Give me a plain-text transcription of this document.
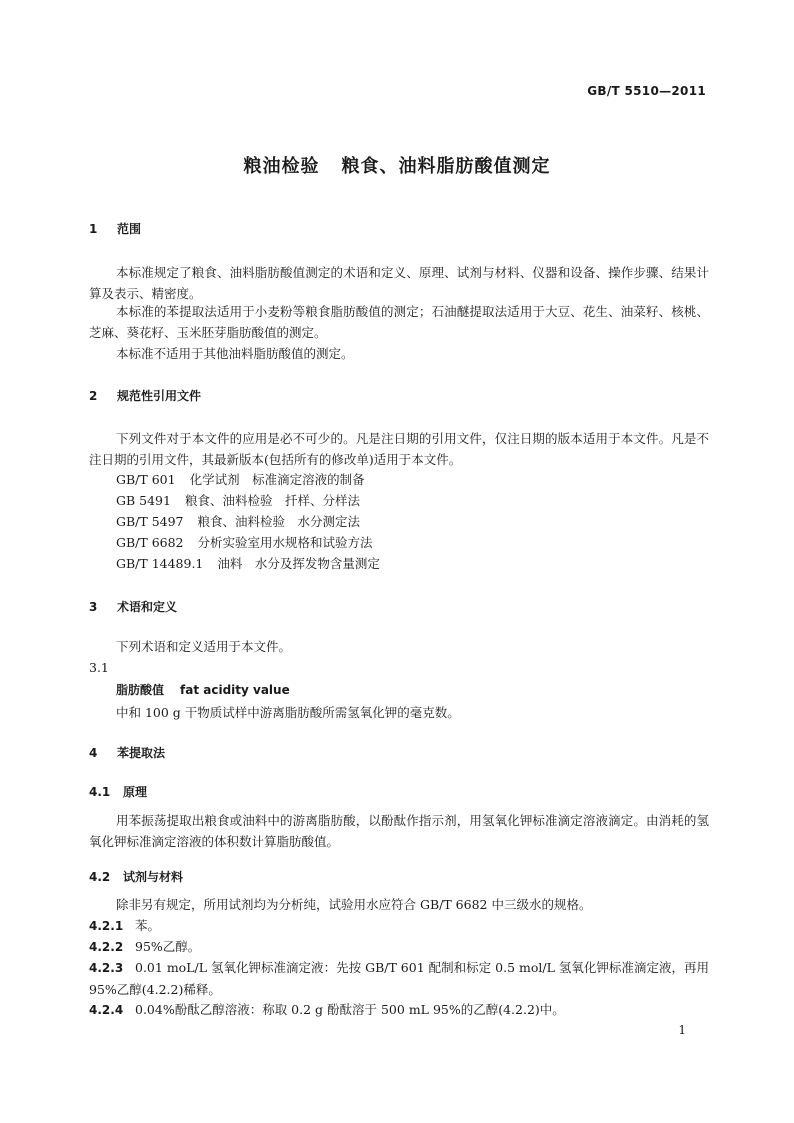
GB/T 5510—2011
粮油检验 粮食、油料脂肪酸值测定
1 范围
本标准规定了粮食、油料脂肪酸值测定的术语和定义、原理、试剂与材料、仪器和设备、操作步骤、结果计算及表示、精密度。
本标准的苯提取法适用于小麦粉等粮食脂肪酸值的测定；石油醚提取法适用于大豆、花生、油菜籽、核桃、芝麻、葵花籽、玉米胚芽脂肪酸值的测定。
本标准不适用于其他油料脂肪酸值的测定。
2 规范性引用文件
下列文件对于本文件的应用是必不可少的。凡是注日期的引用文件，仅注日期的版本适用于本文件。凡是不注日期的引用文件，其最新版本(包括所有的修改单)适用于本文件。
GB/T 601 化学试剂　标准滴定溶液的制备
GB 5491 粮食、油料检验　扦样、分样法
GB/T 5497 粮食、油料检验　水分测定法
GB/T 6682 分析实验室用水规格和试验方法
GB/T 14489.1 油料　水分及挥发物含量测定
3 术语和定义
下列术语和定义适用于本文件。
3.1
脂肪酸值 fat acidity value
中和 100 g 干物质试样中游离脂肪酸所需氢氧化钾的毫克数。
4 苯提取法
4.1 原理
用苯振荡提取出粮食或油料中的游离脂肪酸，以酚酞作指示剂，用氢氧化钾标准滴定溶液滴定。由消耗的氢氧化钾标准滴定溶液的体积数计算脂肪酸值。
4.2 试剂与材料
除非另有规定，所用试剂均为分析纯，试验用水应符合 GB/T 6682 中三级水的规格。
4.2.1 苯。
4.2.2 95%乙醇。
4.2.3 0.01 moL/L 氢氧化钾标准滴定液：先按 GB/T 601 配制和标定 0.5 mol/L 氢氧化钾标准滴定液，再用 95%乙醇(4.2.2)稀释。
4.2.4 0.04%酚酞乙醇溶液：称取 0.2 g 酚酞溶于 500 mL 95%的乙醇(4.2.2)中。
1
